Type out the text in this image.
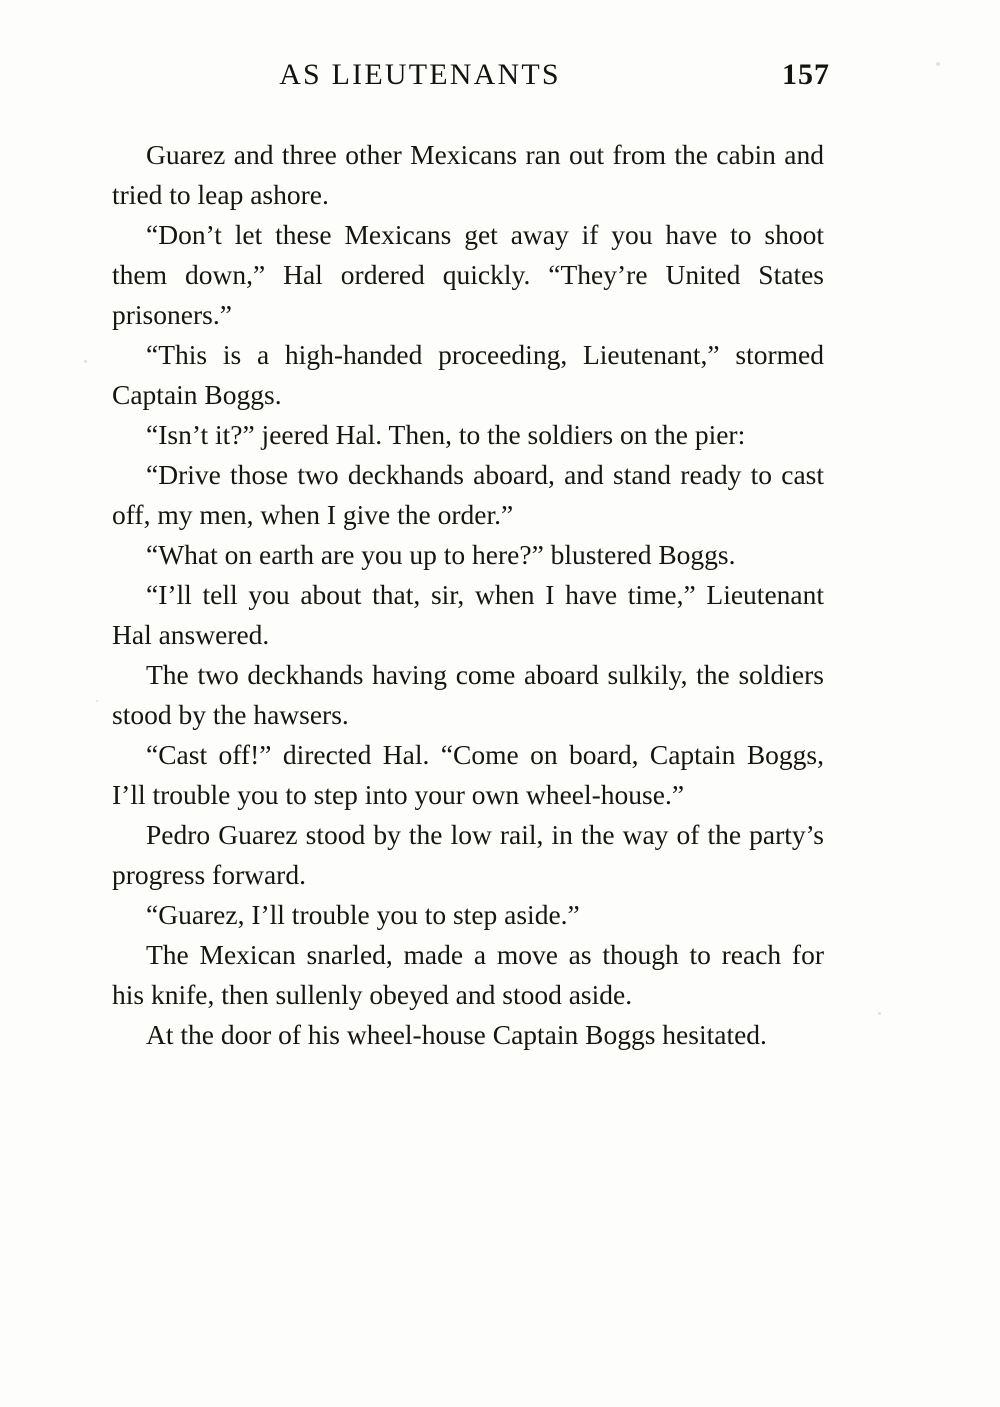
AS LIEUTENANTS	157

Guarez and three other Mexicans ran out from the cabin and tried to leap ashore.

“Don’t let these Mexicans get away if you have to shoot them down,” Hal ordered quickly. “They’re United States prisoners.”

“This is a high-handed proceeding, Lieutenant,” stormed Captain Boggs.

“Isn’t it?” jeered Hal. Then, to the soldiers on the pier:

“Drive those two deckhands aboard, and stand ready to cast off, my men, when I give the order.”

“What on earth are you up to here?” blustered Boggs.

“I’ll tell you about that, sir, when I have time,” Lieutenant Hal answered.

The two deckhands having come aboard sulkily, the soldiers stood by the hawsers.

“Cast off!” directed Hal. “Come on board, Captain Boggs, I’ll trouble you to step into your own wheel-house.”

Pedro Guarez stood by the low rail, in the way of the party’s progress forward.

“Guarez, I’ll trouble you to step aside.”

The Mexican snarled, made a move as though to reach for his knife, then sullenly obeyed and stood aside.

At the door of his wheel-house Captain Boggs hesitated.
